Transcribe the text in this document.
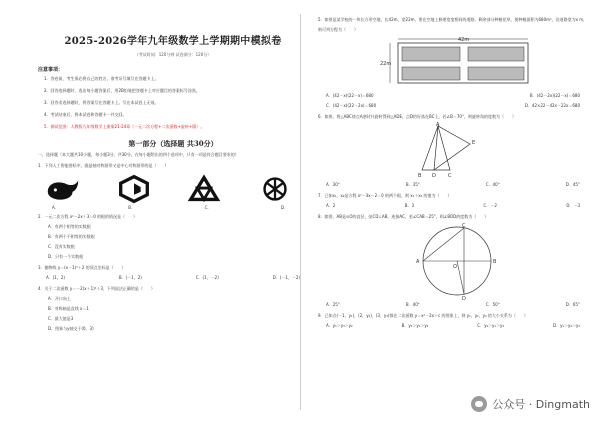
2025-2026学年九年级数学上学期期中模拟卷
（考试时间：120分钟 试卷满分：120分）
注意事项：
1．答卷前，考生务必将自己的姓名、准考证号填写在答题卡上。
2．回答选择题时，选出每小题答案后，用2B铅笔把答题卡上对应题目的答案标号涂黑。
3．回答非选择题时，将答案写在答题卡上。写在本试卷上无效。
4．考试结束后，将本试卷和答题卡一并交回。
5．测试范围：人教版九年级数学上册第21-24章（一元二次方程+二次函数+旋转+圆）。
第一部分（选择题 共30分）
一、选择题（本大题共10小题，每小题3分，共30分。在每小题给出的四个选项中，只有一项是符合题目要求的）
1．下列人工智能图标中，既是轴对称图形又是中心对称图形的是（　　）
A．	B．	C．	D．
2．一元二次方程 x²－2x＋3＝0 的根的情况是（　　）
A．有两个相等的实数根
B．有两个不相等的实数根
C．没有实数根
D．只有一个实数根
3．抛物线 y＝(x－1)²＋2 的顶点坐标是（　　）
A．(1，2)	B．(－1，2)	C．(1，－2)	D．(－1，－2)
4．关于二次函数 y＝－2(x＋1)²＋3，下列说法正确的是（　　）
A．开口向上
B．对称轴是直线 x＝1
C．最大值是3
D．图象与y轴交于(0，3)
5．如图是某学校的一块长方形空地，长42m，宽22m，要在空地上修建宽度相同的道路，剩余部分种植花草，使种植面积为680m²，设道路宽为x m，则可列方程为（　　）
42m
22m
A．(42－x)(22－x)＝680	B．(42－2x)(22－x)＝680
C．(42－x)(22－2x)＝680	D．42×22－42x－22x＝680
6．如图，将△ABC绕点A逆时针旋转得到△ADE，点D恰好落在BC上，若∠B＝70°，则旋转角的度数为（　　）
A
B	C
D
E
A．30°	B．35°	C．40°	D．45°
7．已知x₁，x₂是方程 x²－3x－2＝0 的两个根，则 x₁＋x₂ 的值为（　　）
A．2	B．3	C．－2	D．－3
8．如图，AB是⊙O的直径，弦CD⊥AB，连接AC，若∠CAB＝25°，则∠BOD的度数为（　　）
A	B
C
D
O
A．25°	B．40°	C．50°	D．65°
9．已知点(－1，y₁)，(2，y₂)，(3，y₃)都在二次函数 y＝x²－2x＋c 的图象上，则 y₁，y₂，y₃ 的大小关系为（　　）
A．y₁＞y₃＞y₂	B．y₃＞y₁＞y₂	C．y₂＞y₁＞y₃	D．y₁＞y₂＞y₃
公众号 · Dingmath
